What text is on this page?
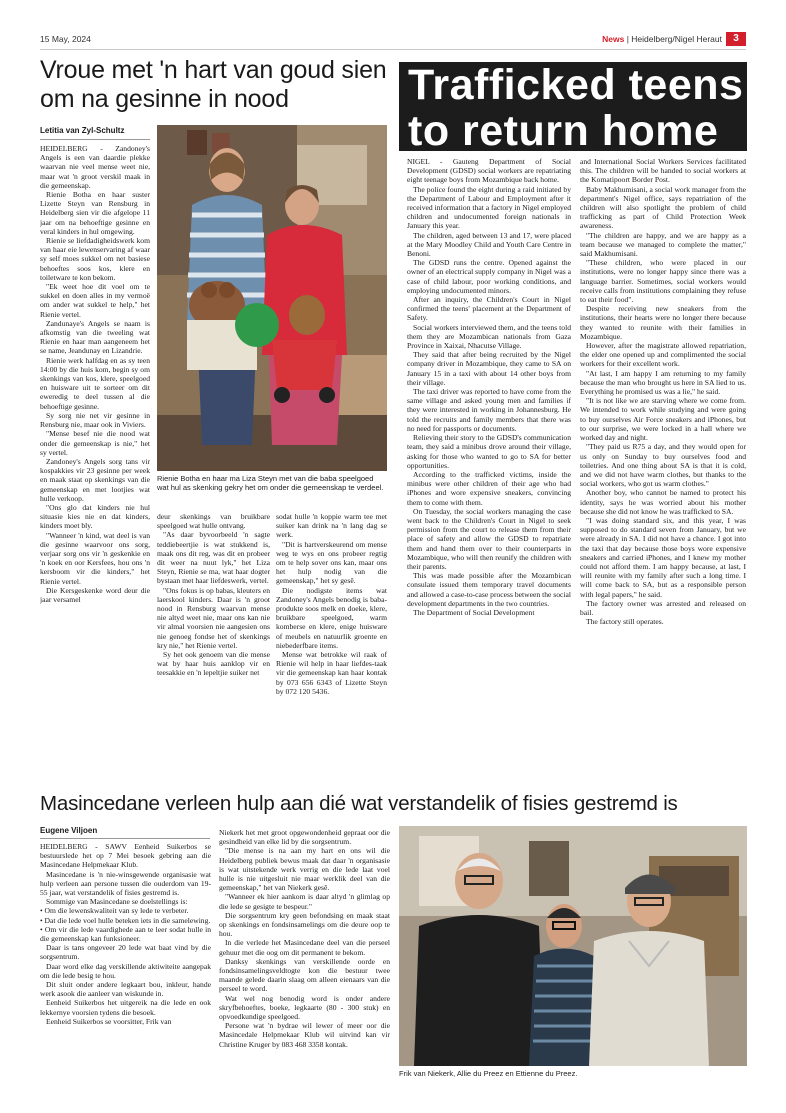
15 May, 2024	News | Heidelberg/Nigel Heraut	3
Vroue met 'n hart van goud sien om na gesinne in nood
Letitia van Zyl-Schultz

HEIDELBERG - Zandoney's Angels is een van daardie plekke waarvan nie veel mense weet nie, maar wat 'n groot verskil maak in die gemeenskap.

Rienie Botha en haar suster Lizette Steyn van Rensburg in Heidelberg sien vir die afgelope 11 jaar om na behoeftige gesinne en veral kinders in hul omgewing.

Rienie se liefdadigheidswerk kom van haar eie lewenservaring af waar sy self moes sukkel om net basiese behoeftes soos kos, klere en toiletware te kon bekom.

"Ek weet hoe dit voel om te sukkel en doen alles in my vermoë om ander wat sukkel te help," het Rienie vertel.

Zandunaye's Angels se naam is afkomstig van die tweeling wat Rienie en haar man aangeneem het se name, Jeandunay en Lizandrie.

Rienie werk halfdag en as sy teen 14:00 by die huis kom, begin sy om skenkings van kos, klere, speelgoed en huisware uit te sorteer om dit eweredig te deel tussen al die behoeftige gesinne.

Sy sorg nie net vir gesinne in Rensburg nie, maar ook in Viviers.

"Mense besef nie die nood wat onder die gemeenskap is nie," het sy vertel.

Zandoney's Angels sorg tans vir kospakkies vir 23 gesinne per week en maak staat op skenkings van die gemeenskap en met lootjies wat hulle verkoop.

"Ons glo dat kinders nie hul situasie kies nie en dat kinders, kinders moet bly.

"Wanneer 'n kind, wat deel is van die gesinne waarvoor ons sorg, verjaar sorg ons vir 'n geskenkie en 'n koek en oor Kersfees, hou ons 'n kersboom vir die kinders," het Rienie vertel.

Die Kersgeskenke word deur die jaar versamel

Rienie Botha en haar ma Liza Steyn met van die baba speelgoed wat hul as skenking gekry het om onder die gemeenskap te verdeel.

deur skenkings van bruikbare speelgoed wat hulle ontvang.

"As daar byvoorbeeld 'n sagte teddiebeertjie is wat stukkend is, maak ons dit reg, was dit en probeer dit weer na nuut lyk," het Liza Steyn, Rienie se ma, wat haar dogter bystaan met haar liefdeswerk, vertel.

"Ons fokus is op babas, kleuters en laerskool kinders. Daar is 'n groot nood in Rensburg waarvan mense nie altyd weet nie, maar ons kan nie vir almal voorsien nie aangesien ons nie genoeg fondse het of skenkings kry nie," het Rienie vertel.

Sy het ook genoem van die mense wat by haar huis aanklop vir en teesakkie en 'n lepeltjie suiker net

sodat hulle 'n koppie warm tee met suiker kan drink na 'n lang dag se werk.

"Dit is hartverskeurend om mense weg te wys en ons probeer regtig om te help sover ons kan, maar ons het hulp nodig van die gemeenskap," het sy gesê.

Die nodigste items wat Zandoney's Angels benodig is baba-produkte soos melk en doeke, klere, bruikbare speelgoed, warm komberse en klere, enige huisware of meubels en natuurlik groente en niebederfbare items.

Mense wat betrokke wil raak of Rienie wil help in haar liefdes-taak vir die gemeenskap kan haar kontak by 073 656 6343 of Lizette Steyn by 072 120 5436.

Trafficked teens to return home

NIGEL - Gauteng Department of Social Development (GDSD) social workers are repatriating eight teenage boys from Mozambique back home.

The police found the eight during a raid initiated by the Department of Labour and Employment after it received information that a factory in Nigel employed children and undocumented foreign nationals in January this year.

The children, aged between 13 and 17, were placed at the Mary Moodley Child and Youth Care Centre in Benoni.

The GDSD runs the centre. Opened against the owner of an electrical supply company in Nigel was a case of child labour, poor working conditions, and employing undocumented minors.

After an inquiry, the Children's Court in Nigel confirmed the teens' placement at the Department of Safety.

Social workers interviewed them, and the teens told them they are Mozambican nationals from Gaza Province in Xaixai, Nhacutse Village.

They said that after being recruited by the Nigel company driver in Mozambique, they came to SA on January 15 in a taxi with about 14 other boys from their village.

The taxi driver was reported to have come from the same village and asked young men and families if they were interested in working in Johannesburg. He told the recruits and family members that there was no need for passports or documents.

Relieving their story to the GDSD's communication team, they said a minibus drove around their village, asking for those who wanted to go to SA for better opportunities.

According to the trafficked victims, inside the minibus were other children of their age who had iPhones and wore expensive sneakers, convincing them to come with them.

On Tuesday, the social workers managing the case went back to the Children's Court in Nigel to seek permission from the court to release them from their place of safety and allow the GDSD to repatriate them and hand them over to their counterparts in Mozambique, who will then reunify the children with their parents.

This was made possible after the Mozambican consulate issued them temporary travel documents and allowed a case-to-case process between the social development departments in the two countries.

The Department of Social Development

and International Social Workers Services facilitated this. The children will be handed to social workers at the Komatipoort Border Post.

Baby Makhumisani, a social work manager from the department's Nigel office, says repatriation of the children will also spotlight the problem of child trafficking as part of Child Protection Week awareness.

"The children are happy, and we are happy as a team because we managed to complete the matter," said Makhumisani.

"These children, who were placed in our institutions, were no longer happy since there was a language barrier. Sometimes, social workers would receive calls from institutions complaining they refuse to eat their food".

Despite receiving new sneakers from the institutions, their hearts were no longer there because they wanted to reunite with their families in Mozambique.

However, after the magistrate allowed repatriation, the elder one opened up and complimented the social workers for their excellent work.

"At last, I am happy I am returning to my family because the man who brought us here in SA lied to us. Everything he promised us was a lie," he said.

"It is not like we are starving where we come from. We intended to work while studying and were going to buy ourselves Air Force sneakers and iPhones, but to our surprise, we were locked in a hall where we worked day and night.

"They paid us R75 a day, and they would open for us only on Sunday to buy ourselves food and toiletries. And one thing about SA is that it is cold, and we did not have warm clothes, but thanks to the social workers, who got us warm clothes."

Another boy, who cannot be named to protect his identity, says he was worried about his mother because she did not know he was trafficked to SA.

"I was doing standard six, and this year, I was supposed to do standard seven from January, but we were already in SA. I did not have a chance. I got into the taxi that day because those boys wore expensive sneakers and carried iPhones, and I knew my mother could not afford them. I am happy because, at last, I will reunite with my family after such a long time. I will come back to SA, but as a responsible person with legal papers," he said.

The factory owner was arrested and released on bail.

The factory still operates.

Masincedane verleen hulp aan dié wat verstandelik of fisies gestremd is
Eugene Viljoen

HEIDELBERG - SAWV Eenheid Suikerbos se bestuurslede het op 7 Mei besoek gebring aan die Masincedane Helpmekaar Klub.

Masincedane is 'n nie-winsgewende organisasie wat hulp verleen aan persone tussen die ouderdom van 19-55 jaar, wat verstandelik of fisies gestremd is.

Sommige van Masincedane se doelstellings is:

• Om die lewenskwaliteit van sy lede te verbeter.

• Dat die lede voel hulle beteken iets in die samelewing.

• Om vir die lede vaardighede aan te leer sodat hulle in die gemeenskap kan funksioneer.

Daar is tans ongeveer 20 lede wat baat vind by die sorgsentrum.

Daar word elke dag verskillende aktiwiteite aangepak om die lede besig te hou.

Dit sluit onder andere legkaart bou, inkleur, hande werk asook die aanleer van wiskunde in.

Eenheid Suikerbos het uitgereik na die lede en ook lekkernye voorsien tydens die besoek.

Eenheid Suikerbos se voorsitter, Frik van

Niekerk het met groot opgewondenheid gepraat oor die gesindheid van elke lid by die sorgsentrum.

"Die mense is na aan my hart en ons wil die Heidelberg publiek bewus maak dat daar 'n organisasie is wat uitstekende werk verrig en die lede laat voel hulle is nie uitgesluit nie maar werklik deel van die gemeenskap," het van Niekerk gesê.

"Wanneer ek hier aankom is daar altyd 'n glimlag op die lede se gesigte te bespeur."

Die sorgsentrum kry geen befondsing en maak staat op skenkings en fondsinsamelings om die deure oop te hou.

In die verlede het Masincedane deel van die perseel gehuur met die oog om dit permanent te bekom.

Danksy skenkings van verskillende oorde en fondsinsamelingsveldtogte kon die bestuur twee maande gelede daarin slaag om alleen eienaars van die perseel te word.

Wat wel nog benodig word is onder andere skryfbehoeftes, boeke, legkaarte (80 - 300 stuk) en opvoedkundige speelgoed.

Persone wat 'n bydrae wil lewer of meer oor die Masincedale Helpmekaar Klub wil uitvind kan vir Christine Kruger by 083 468 3358 kontak.

Frik van Niekerk, Allie du Preez en Ettienne du Preez.
